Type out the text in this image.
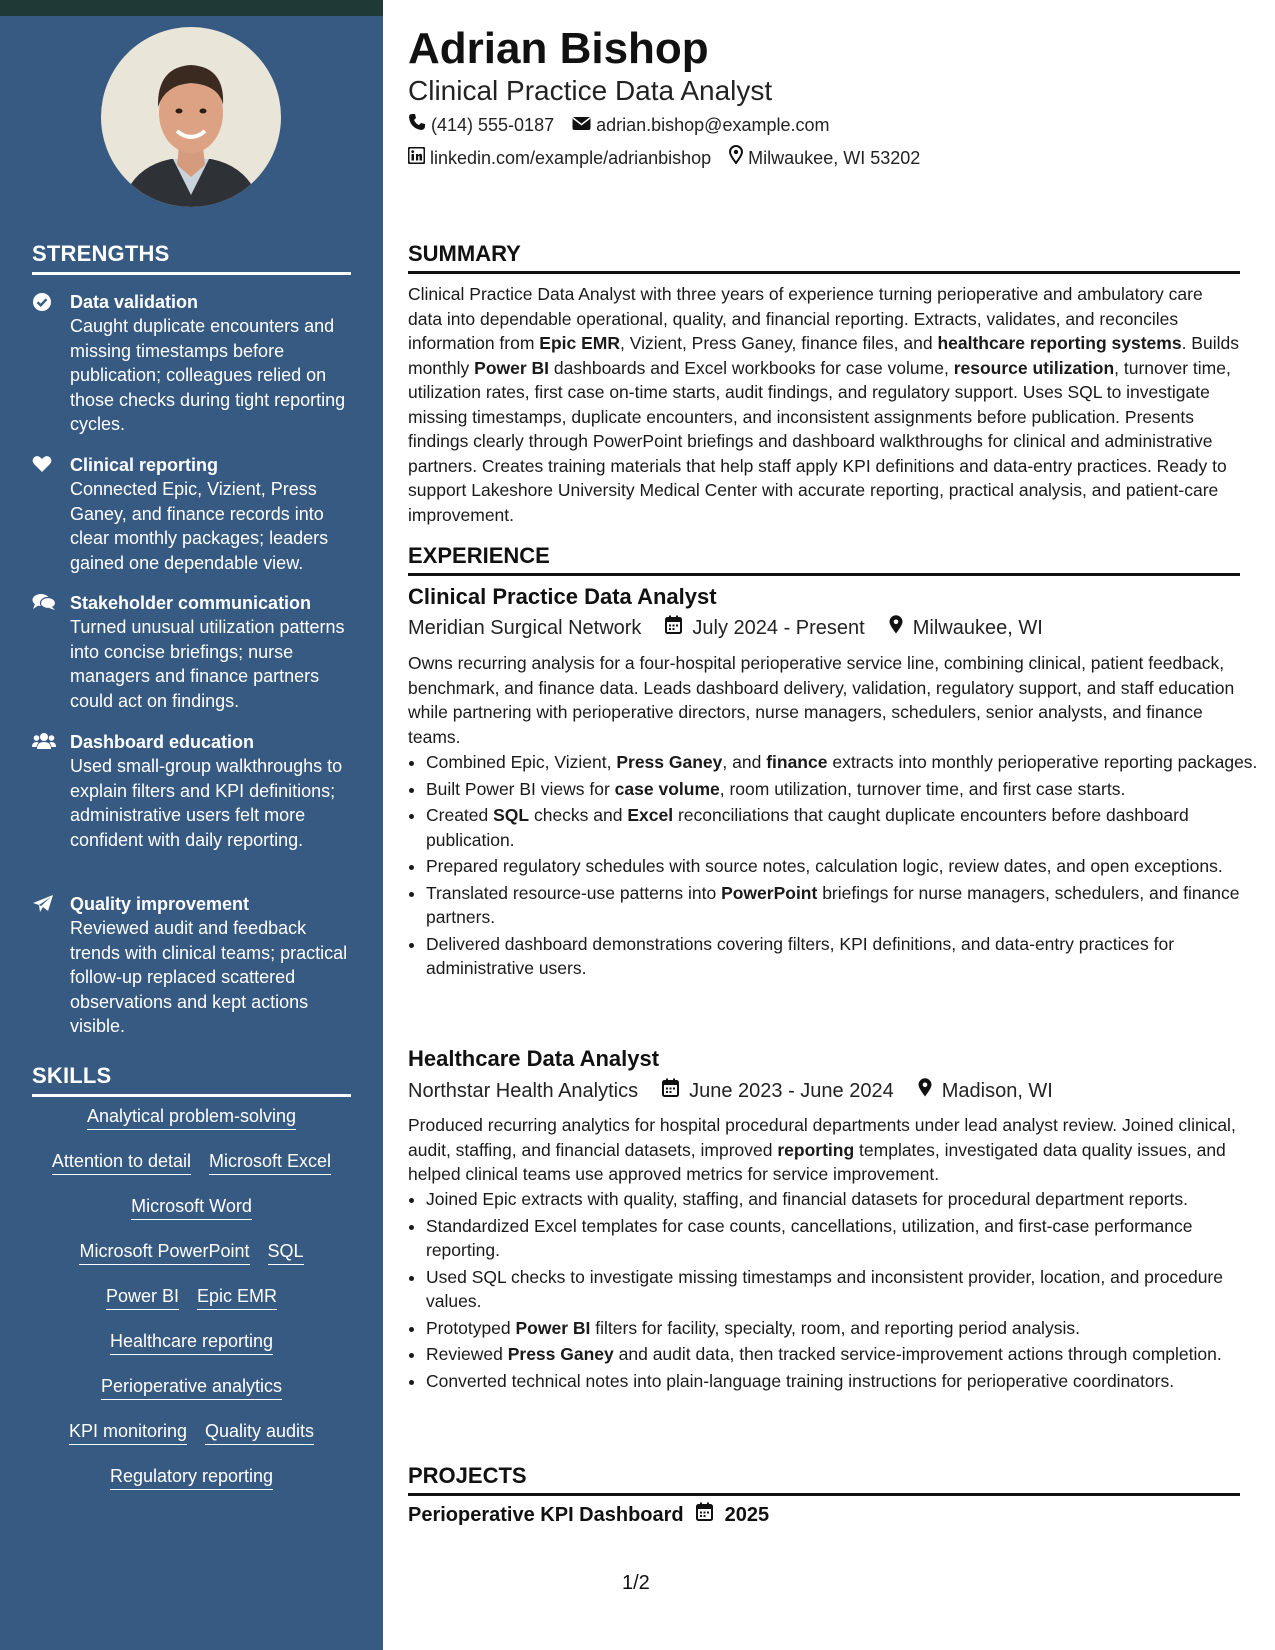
STRENGTHS
Data validation
Caught duplicate encounters and missing timestamps before publication; colleagues relied on those checks during tight reporting cycles.
Clinical reporting
Connected Epic, Vizient, Press Ganey, and finance records into clear monthly packages; leaders gained one dependable view.
Stakeholder communication
Turned unusual utilization patterns into concise briefings; nurse managers and finance partners could act on findings.
Dashboard education
Used small-group walkthroughs to explain filters and KPI definitions; administrative users felt more confident with daily reporting.
Quality improvement
Reviewed audit and feedback trends with clinical teams; practical follow-up replaced scattered observations and kept actions visible.
SKILLS
Analytical problem-solving
Attention to detail Microsoft Excel
Microsoft Word
Microsoft PowerPoint SQL
Power BI Epic EMR
Healthcare reporting
Perioperative analytics
KPI monitoring Quality audits
Regulatory reporting
Adrian Bishop
Clinical Practice Data Analyst
(414) 555-0187 adrian.bishop@example.com
linkedin.com/example/adrianbishop Milwaukee, WI 53202
SUMMARY
Clinical Practice Data Analyst with three years of experience turning perioperative and ambulatory care data into dependable operational, quality, and financial reporting. Extracts, validates, and reconciles information from Epic EMR, Vizient, Press Ganey, finance files, and healthcare reporting systems. Builds monthly Power BI dashboards and Excel workbooks for case volume, resource utilization, turnover time, utilization rates, first case on-time starts, audit findings, and regulatory support. Uses SQL to investigate missing timestamps, duplicate encounters, and inconsistent assignments before publication. Presents findings clearly through PowerPoint briefings and dashboard walkthroughs for clinical and administrative partners. Creates training materials that help staff apply KPI definitions and data-entry practices. Ready to support Lakeshore University Medical Center with accurate reporting, practical analysis, and patient-care improvement.
EXPERIENCE
Clinical Practice Data Analyst
Meridian Surgical Network	July 2024 - Present Milwaukee, WI
Owns recurring analysis for a four-hospital perioperative service line, combining clinical, patient feedback, benchmark, and finance data. Leads dashboard delivery, validation, regulatory support, and staff education while partnering with perioperative directors, nurse managers, schedulers, senior analysts, and finance teams.
• Combined Epic, Vizient, Press Ganey, and finance extracts into monthly perioperative reporting packages.
• Built Power BI views for case volume, room utilization, turnover time, and first case starts.
• Created SQL checks and Excel reconciliations that caught duplicate encounters before dashboard publication.
• Prepared regulatory schedules with source notes, calculation logic, review dates, and open exceptions.
• Translated resource-use patterns into PowerPoint briefings for nurse managers, schedulers, and finance partners.
• Delivered dashboard demonstrations covering filters, KPI definitions, and data-entry practices for administrative users.
Healthcare Data Analyst
Northstar Health Analytics	June 2023 - June 2024 Madison, WI
Produced recurring analytics for hospital procedural departments under lead analyst review. Joined clinical, audit, staffing, and financial datasets, improved reporting templates, investigated data quality issues, and helped clinical teams use approved metrics for service improvement.
• Joined Epic extracts with quality, staffing, and financial datasets for procedural department reports.
• Standardized Excel templates for case counts, cancellations, utilization, and first-case performance reporting.
• Used SQL checks to investigate missing timestamps and inconsistent provider, location, and procedure values.
• Prototyped Power BI filters for facility, specialty, room, and reporting period analysis.
• Reviewed Press Ganey and audit data, then tracked service-improvement actions through completion.
• Converted technical notes into plain-language training instructions for perioperative coordinators.
PROJECTS
Perioperative KPI Dashboard 2025
1/2
